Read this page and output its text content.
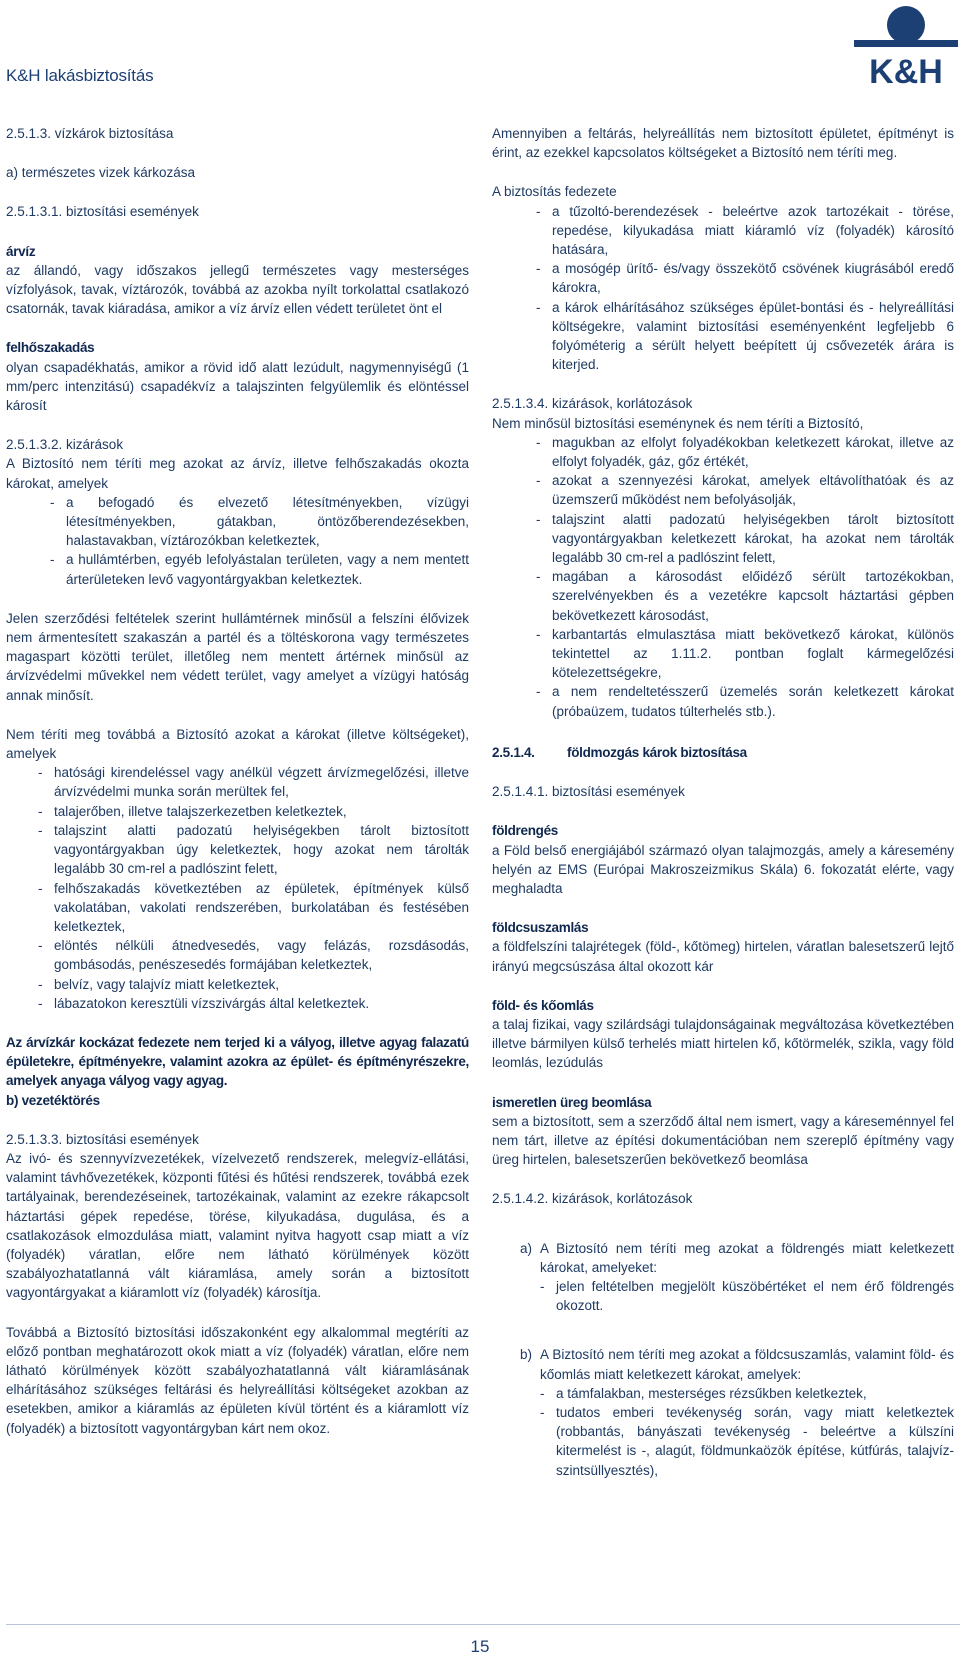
K&H lakásbiztosítás	K&H

2.5.1.3. vízkárok biztosítása

a) természetes vizek kárkozása

2.5.1.3.1. biztosítási események

árvíz

az állandó, vagy időszakos jellegű természetes vagy mesterséges vízfolyások, tavak, víztározók, továbbá az azokba nyílt torkolattal csatlakozó csatornák, tavak kiáradása, amikor a víz árvíz ellen védett területet önt el

felhőszakadás

olyan csapadékhatás, amikor a rövid idő alatt lezúdult, nagymennyiségű (1 mm/perc intenzitású) csapadékvíz a talajszinten felgyülemlik és elöntéssel károsít

2.5.1.3.2. kizárások

A Biztosító nem téríti meg azokat az árvíz, illetve felhőszakadás okozta károkat, amelyek

- a befogadó és elvezető létesítményekben, vízügyi létesítményekben, gátakban, öntözőberendezésekben, halastavakban, víztározókban keletkeztek,
- a hullámtérben, egyéb lefolyástalan területen, vagy a nem mentett árterületeken levő vagyontárgyakban keletkeztek.

Jelen szerződési feltételek szerint hullámtérnek minősül a felszíni élővizek nem ármentesített szakaszán a partél és a töltéskorona vagy természetes magaspart közötti terület, illetőleg nem mentett ártérnek minősül az árvízvédelmi művekkel nem védett terület, vagy amelyet a vízügyi hatóság annak minősít.

Nem téríti meg továbbá a Biztosító azokat a károkat (illetve költségeket), amelyek

- hatósági kirendeléssel vagy anélkül végzett árvízmegelőzési, illetve árvízvédelmi munka során merültek fel,
- talajerőben, illetve talajszerkezetben keletkeztek,
- talajszint alatti padozatú helyiségekben tárolt biztosított vagyontárgyakban úgy keletkeztek, hogy azokat nem tárolták legalább 30 cm-rel a padlószint felett,
- felhőszakadás következtében az épületek, építmények külső vakolatában, vakolati rendszerében, burkolatában és festésében keletkeztek,
- elöntés nélküli átnedvesedés, vagy felázás, rozsdásodás, gombásodás, penészesedés formájában keletkeztek,
- belvíz, vagy talajvíz miatt keletkeztek,
- lábazatokon keresztüli vízszivárgás által keletkeztek.

Az árvízkár kockázat fedezete nem terjed ki a vályog, illetve agyag falazatú épületekre, építményekre, valamint azokra az épület- és építményrészekre, amelyek anyaga vályog vagy agyag.

b) vezetéktörés

2.5.1.3.3. biztosítási események

Az ivó- és szennyvízvezetékek, vízelvezető rendszerek, melegvíz-ellátási, valamint távhővezetékek, központi fűtési és hűtési rendszerek, továbbá ezek tartályainak, berendezéseinek, tartozékainak, valamint az ezekre rákapcsolt háztartási gépek repedése, törése, kilyukadása, dugulása, és a csatlakozások elmozdulása miatt, valamint nyitva hagyott csap miatt a víz (folyadék) váratlan, előre nem látható körülmények között szabályozhatatlanná vált kiáramlása, amely során a biztosított vagyontárgyakat a kiáramlott víz (folyadék) károsítja.

Továbbá a Biztosító biztosítási időszakonként egy alkalommal megtéríti az előző pontban meghatározott okok miatt a víz (folyadék) váratlan, előre nem látható körülmények között szabályozhatatlanná vált kiáramlásának elhárításához szükséges feltárási és helyreállítási költségeket azokban az esetekben, amikor a kiáramlás az épületen kívül történt és a kiáramlott víz (folyadék) a biztosított vagyontárgyban kárt nem okoz.

Amennyiben a feltárás, helyreállítás nem biztosított épületet, építményt is érint, az ezekkel kapcsolatos költségeket a Biztosító nem téríti meg.

A biztosítás fedezete

- a tűzoltó-berendezések - beleértve azok tartozékait - törése, repedése, kilyukadása miatt kiáramló víz (folyadék) károsító hatására,
- a mosógép ürítő- és/vagy összekötő csövének kiugrásából eredő károkra,
- a károk elhárításához szükséges épület-bontási és - helyreállítási költségekre, valamint biztosítási eseményenként legfeljebb 6 folyóméterig a sérült helyett beépített új csővezeték árára is kiterjed.

2.5.1.3.4. kizárások, korlátozások

Nem minősül biztosítási eseménynek és nem téríti a Biztosító,

- magukban az elfolyt folyadékokban keletkezett károkat, illetve az elfolyt folyadék, gáz, gőz értékét,
- azokat a szennyezési károkat, amelyek eltávolíthatóak és az üzemszerű működést nem befolyásolják,
- talajszint alatti padozatú helyiségekben tárolt biztosított vagyontárgyakban keletkezett károkat, ha azokat nem tárolták legalább 30 cm-rel a padlószint felett,
- magában a károsodást előidéző sérült tartozékokban, szerelvényekben és a vezetékre kapcsolt háztartási gépben bekövetkezett károsodást,
- karbantartás elmulasztása miatt bekövetkező károkat, különös tekintettel az 1.11.2. pontban foglalt kármegelőzési kötelezettségekre,
- a nem rendeltetésszerű üzemelés során keletkezett károkat (próbaüzem, tudatos túlterhelés stb.).

2.5.1.4. földmozgás károk biztosítása

2.5.1.4.1. biztosítási események

földrengés

a Föld belső energiájából származó olyan talajmozgás, amely a káresemény helyén az EMS (Európai Makroszeizmikus Skála) 6. fokozatát elérte, vagy meghaladta

földcsuszamlás

a földfelszíni talajrétegek (föld-, kőtömeg) hirtelen, váratlan balesetszerű lejtő irányú megcsúszása által okozott kár

föld- és kőomlás

a talaj fizikai, vagy szilárdsági tulajdonságainak megváltozása következtében illetve bármilyen külső terhelés miatt hirtelen kő, kőtörmelék, szikla, vagy föld leomlás, lezúdulás

ismeretlen üreg beomlása

sem a biztosított, sem a szerződő által nem ismert, vagy a káreseménnyel fel nem tárt, illetve az építési dokumentációban nem szereplő építmény vagy üreg hirtelen, balesetszerűen bekövetkező beomlása

2.5.1.4.2. kizárások, korlátozások

a) A Biztosító nem téríti meg azokat a földrengés miatt keletkezett károkat, amelyeket:

- jelen feltételben megjelölt küszöbértéket el nem érő földrengés okozott.
b) A Biztosító nem téríti meg azokat a földcsuszamlás, valamint föld- és kőomlás miatt keletkezett károkat, amelyek:

- a támfalakban, mesterséges rézsűkben keletkeztek,
- tudatos emberi tevékenység során, vagy miatt keletkeztek (robbantás, bányászati tevékenység - beleértve a külszíni kitermelést is -, alagút, földmunkaözök építése, kútfúrás, talajvíz-szintsüllyesztés),
15
